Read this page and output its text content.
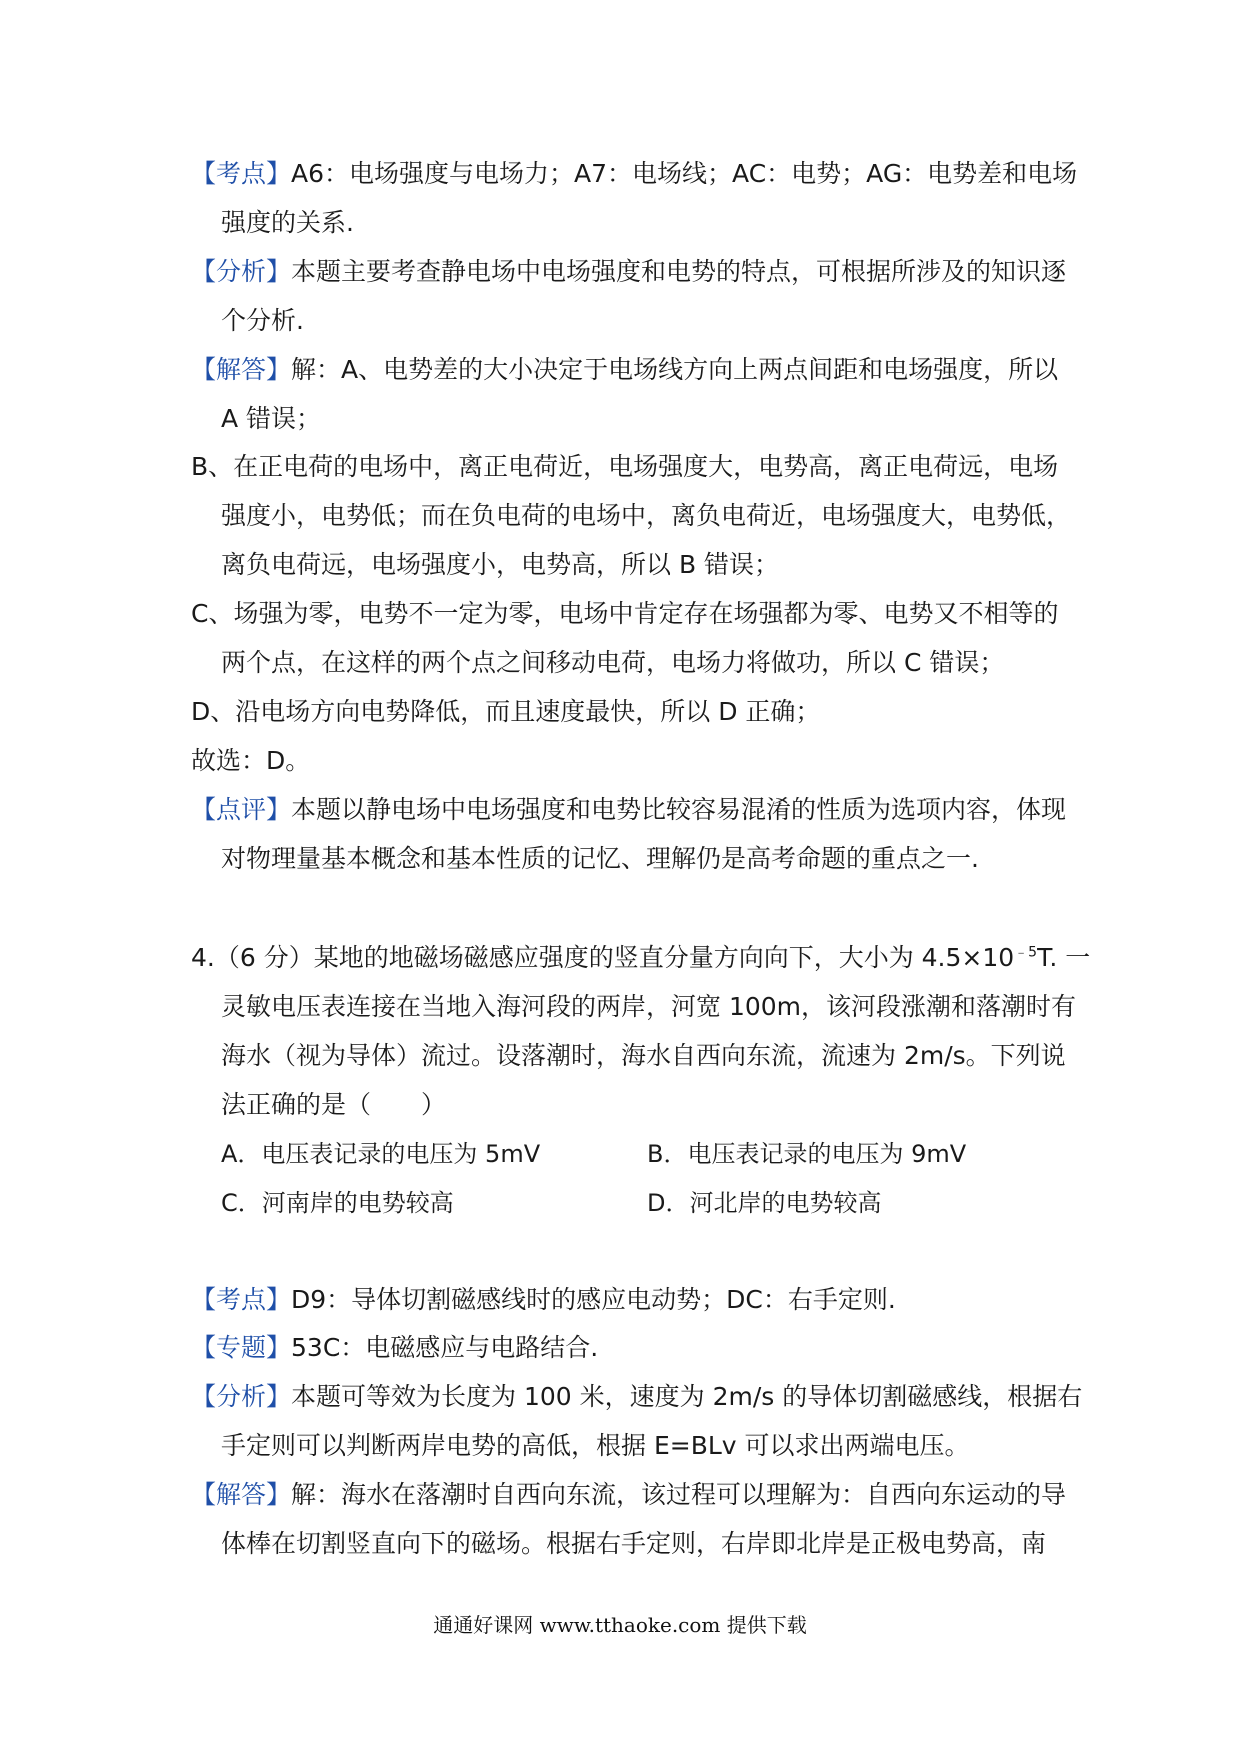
【考点】A6：电场强度与电场力；A7：电场线；AC：电势；AG：电势差和电场
强度的关系.
【分析】本题主要考查静电场中电场强度和电势的特点，可根据所涉及的知识逐
个分析.
【解答】解：A、电势差的大小决定于电场线方向上两点间距和电场强度，所以
A 错误；
B、在正电荷的电场中，离正电荷近，电场强度大，电势高，离正电荷远，电场
强度小，电势低；而在负电荷的电场中，离负电荷近，电场强度大，电势低，
离负电荷远，电场强度小，电势高，所以 B 错误；
C、场强为零，电势不一定为零，电场中肯定存在场强都为零、电势又不相等的
两个点，在这样的两个点之间移动电荷，电场力将做功，所以 C 错误；
D、沿电场方向电势降低，而且速度最快，所以 D 正确；
故选：D。
【点评】本题以静电场中电场强度和电势比较容易混淆的性质为选项内容，体现
对物理量基本概念和基本性质的记忆、理解仍是高考命题的重点之一.
4.（6 分）某地的地磁场磁感应强度的竖直分量方向向下，大小为 $4.5\times 10^{﹣5}T$. 一
灵敏电压表连接在当地入海河段的两岸，河宽 100m，该河段涨潮和落潮时有
海水（视为导体）流过。设落潮时，海水自西向东流，流速为 2m/s。下列说
法正确的是（　　）
A．电压表记录的电压为 5mV	B．电压表记录的电压为 9mV
C．河南岸的电势较高	D．河北岸的电势较高
【考点】D9：导体切割磁感线时的感应电动势；DC：右手定则.
【专题】53C：电磁感应与电路结合.
【分析】本题可等效为长度为 100 米，速度为 2m/s 的导体切割磁感线，根据右
手定则可以判断两岸电势的高低，根据 E=BLv 可以求出两端电压。
【解答】解：海水在落潮时自西向东流，该过程可以理解为：自西向东运动的导
体棒在切割竖直向下的磁场。根据右手定则，右岸即北岸是正极电势高，南
通通好课网 www.tthaoke.com 提供下载
